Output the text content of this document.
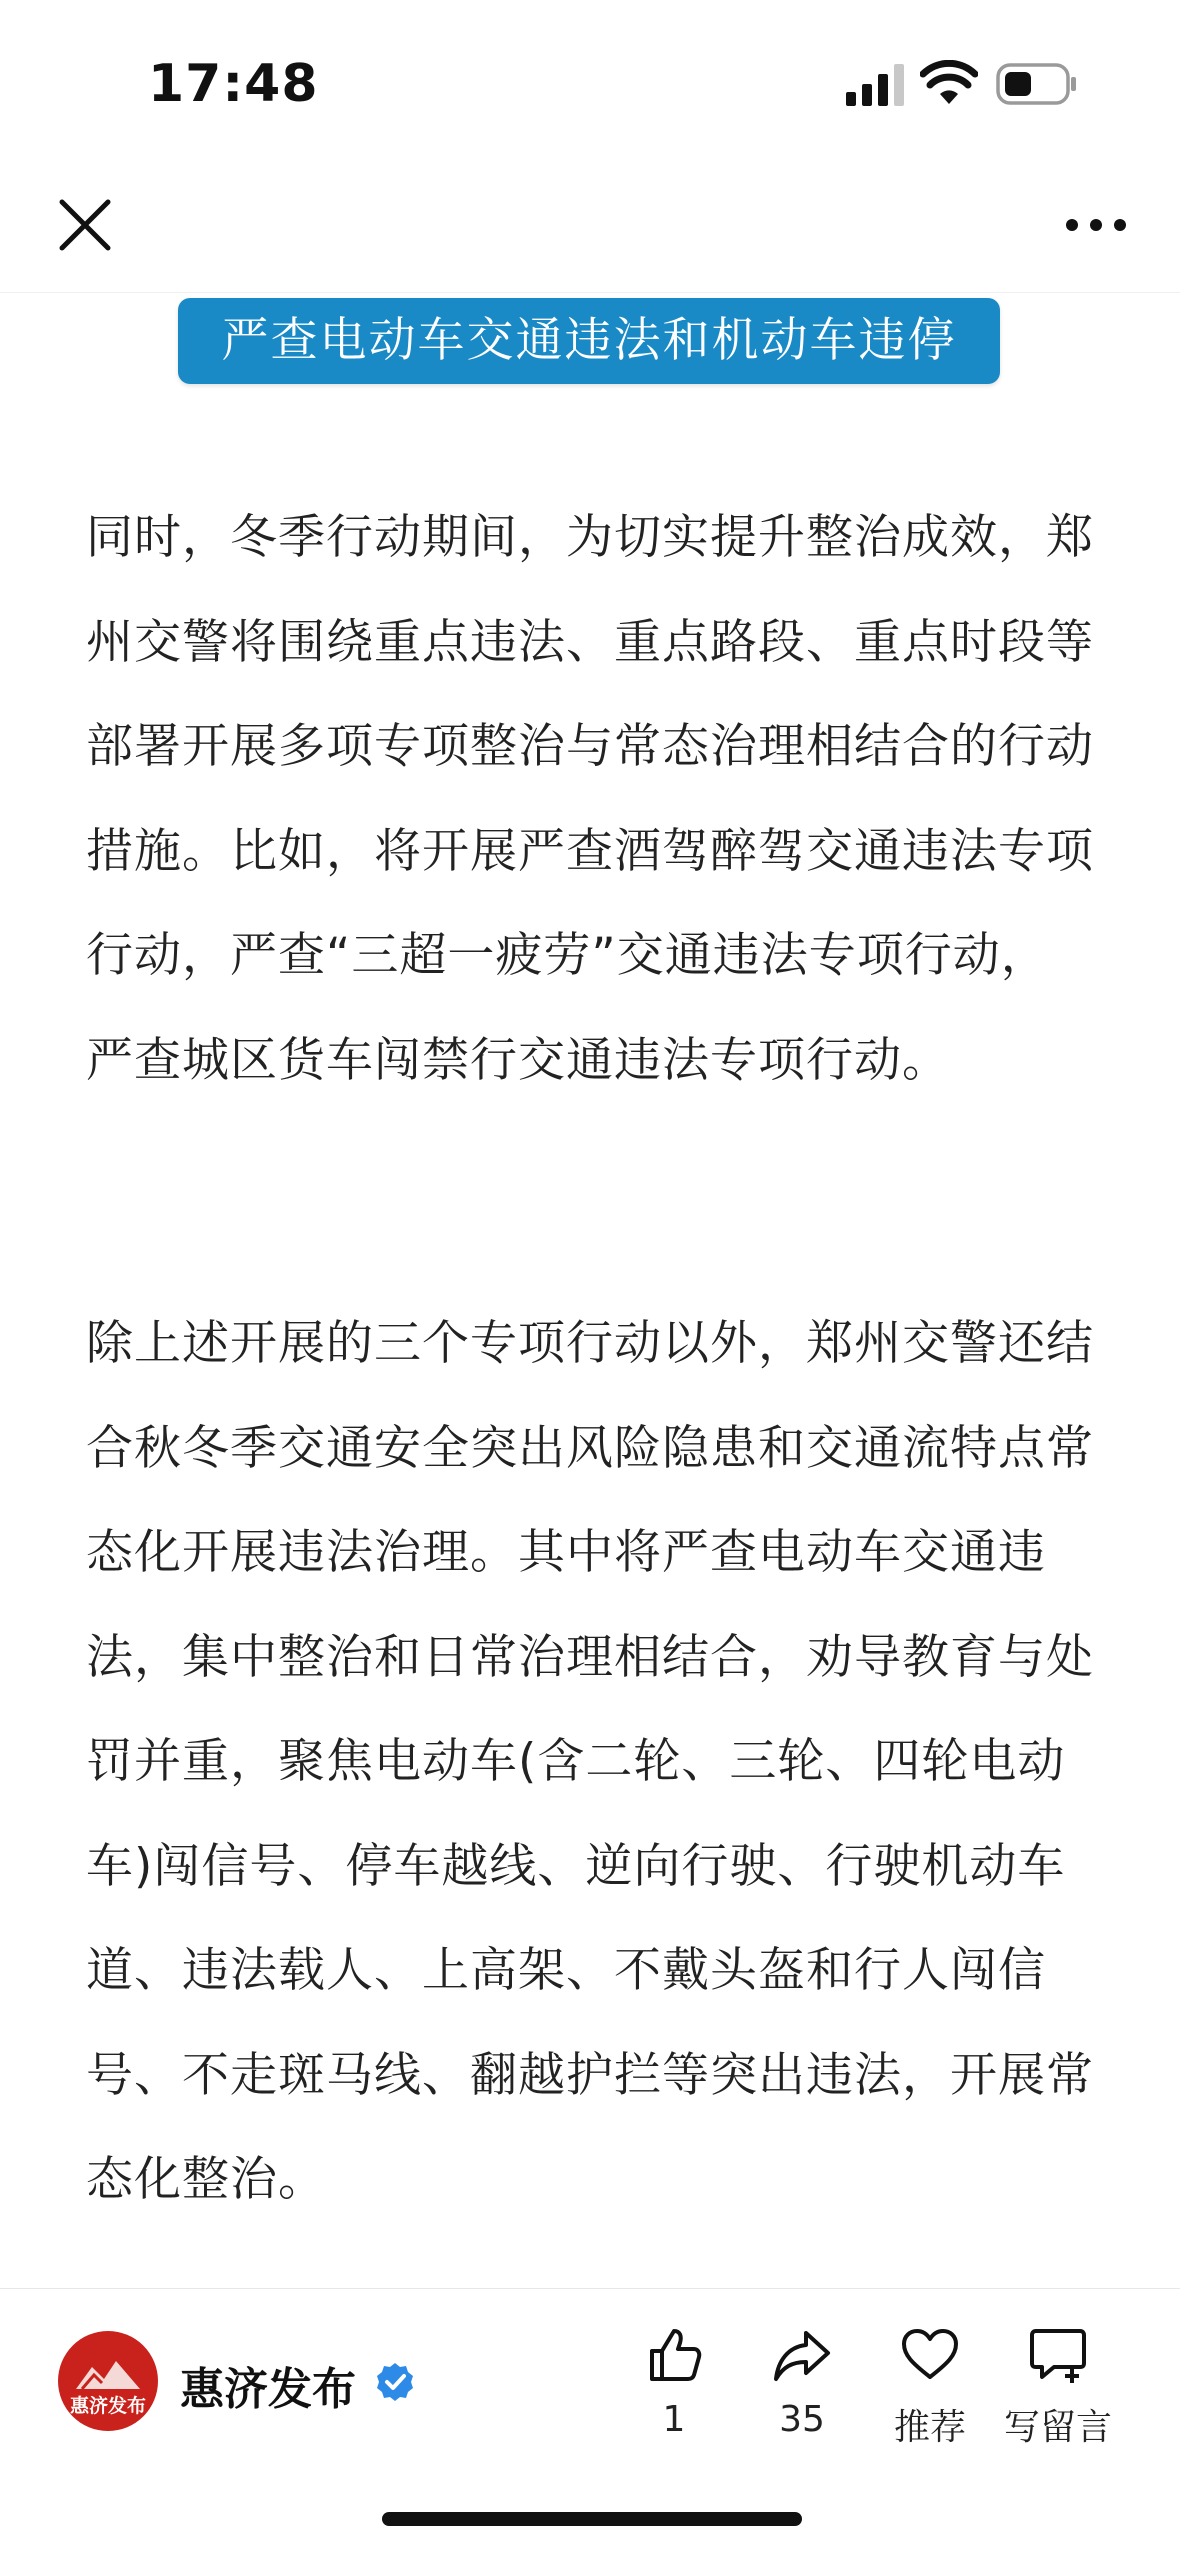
17:48
严查电动车交通违法和机动车违停

同时，冬季行动期间，为切实提升整治成效，郑州交警将围绕重点违法、重点路段、重点时段等部署开展多项专项整治与常态治理相结合的行动措施。比如，将开展严查酒驾醉驾交通违法专项行动，严查“三超一疲劳”交通违法专项行动，严查城区货车闯禁行交通违法专项行动。

除上述开展的三个专项行动以外，郑州交警还结合秋冬季交通安全突出风险隐患和交通流特点常态化开展违法治理。其中将严查电动车交通违法，集中整治和日常治理相结合，劝导教育与处罚并重，聚焦电动车(含二轮、三轮、四轮电动车)闯信号、停车越线、逆向行驶、行驶机动车道、违法载人、上高架、不戴头盔和行人闯信号、不走斑马线、翻越护拦等突出违法，开展常态化整治。

惠济发布 惠济发布
1	35	推荐	写留言
